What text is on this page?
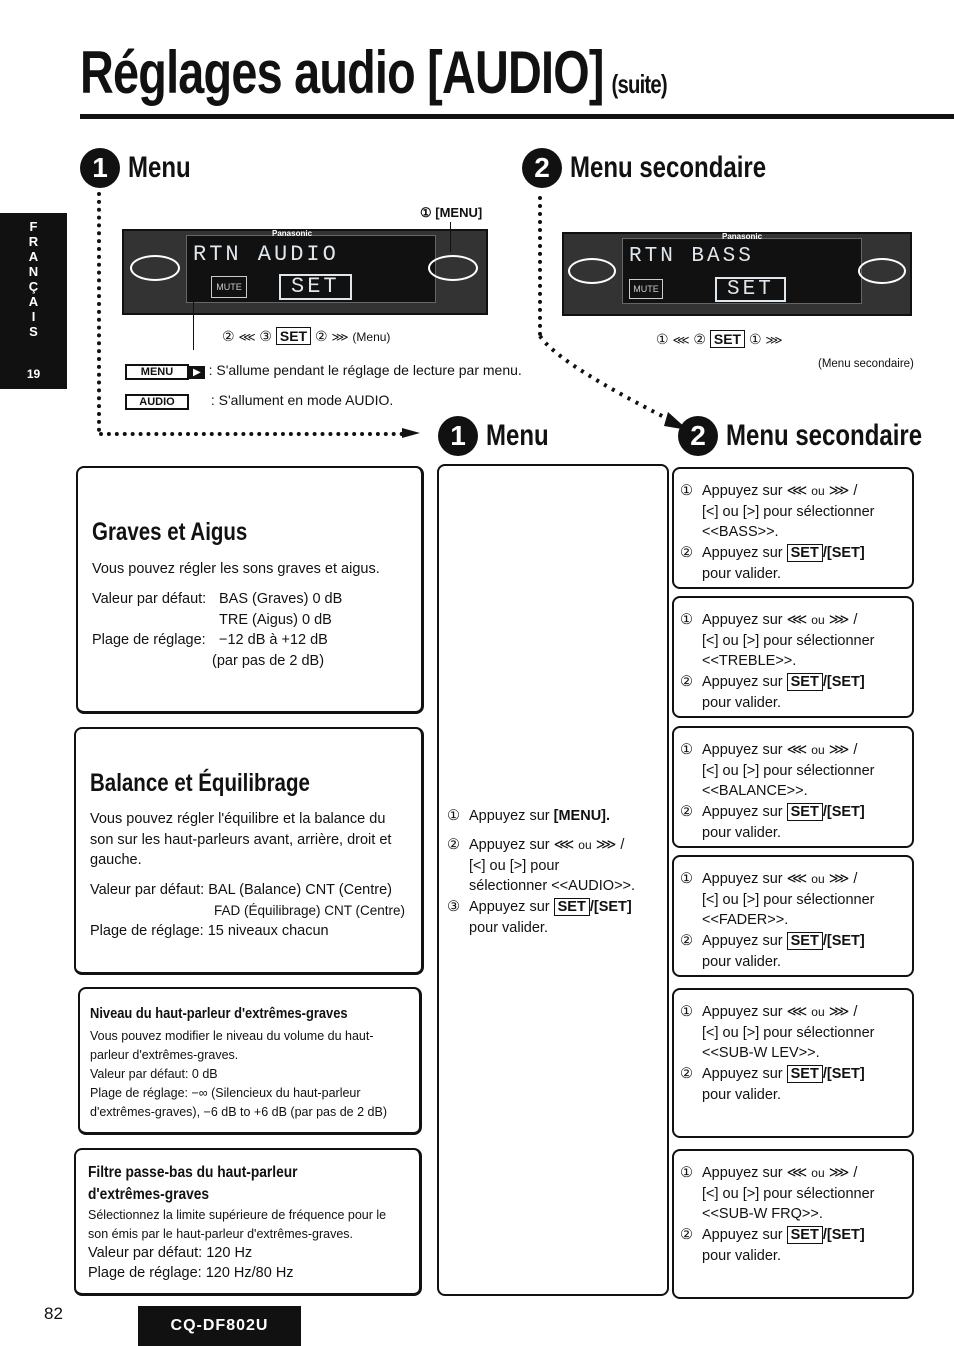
Réglages audio [AUDIO] (suite)
F
R
A
N
Ç
A
I
S
19
1 Menu	2 Menu secondaire
RTN AUDIO
SET
MUTE
Panasonic
① [MENU]
② ⋘ ③ SET ② ⋙ (Menu)
RTN BASS
SET
MUTE
Panasonic
① ⋘ ② SET ① ⋙
(Menu secondaire)
MENU ▶ : S'allume pendant le réglage de lecture par menu.
AUDIO	: S'allument en mode AUDIO.
1 Menu	2 Menu secondaire
Graves et Aigus
Vous pouvez régler les sons graves et aigus.
Valeur par défaut: BAS (Graves) 0 dB
TRE (Aigus) 0 dB
Plage de réglage: −12 dB à +12 dB
(par pas de 2 dB)
Balance et Équilibrage
Vous pouvez régler l'équilibre et la balance du son sur les haut-parleurs avant, arrière, droit et gauche.
Valeur par défaut: BAL (Balance) CNT (Centre)
FAD (Équilibrage) CNT (Centre)
Plage de réglage: 15 niveaux chacun
Niveau du haut-parleur d'extrêmes-graves
Vous pouvez modifier le niveau du volume du haut-parleur d'extrêmes-graves.
Valeur par défaut: 0 dB
Plage de réglage: −∞ (Silencieux du haut-parleur d'extrêmes-graves), −6 dB to +6 dB (par pas de 2 dB)
Filtre passe-bas du haut-parleur
d'extrêmes-graves
Sélectionnez la limite supérieure de fréquence pour le son émis par le haut-parleur d'extrêmes-graves.
Valeur par défaut: 120 Hz
Plage de réglage: 120 Hz/80 Hz
① Appuyez sur [MENU].
② Appuyez sur ⋘ ou ⋙ /
[<] ou [>] pour
sélectionner <<AUDIO>>.
③ Appuyez sur SET /[SET]
pour valider.
① Appuyez sur ⋘ ou ⋙ /
[<] ou [>] pour sélectionner
<<BASS>>.
② Appuyez sur SET /[SET]
pour valider.
① Appuyez sur ⋘ ou ⋙ /
[<] ou [>] pour sélectionner
<<TREBLE>>.
② Appuyez sur SET /[SET]
pour valider.
① Appuyez sur ⋘ ou ⋙ /
[<] ou [>] pour sélectionner
<<BALANCE>>.
② Appuyez sur SET /[SET]
pour valider.
① Appuyez sur ⋘ ou ⋙ /
[<] ou [>] pour sélectionner
<<FADER>>.
② Appuyez sur SET /[SET]
pour valider.
① Appuyez sur ⋘ ou ⋙ /
[<] ou [>] pour sélectionner
<<SUB-W LEV>>.
② Appuyez sur SET /[SET]
pour valider.
① Appuyez sur ⋘ ou ⋙ /
[<] ou [>] pour sélectionner
<<SUB-W FRQ>>.
② Appuyez sur SET /[SET]
pour valider.
82
CQ-DF802U
